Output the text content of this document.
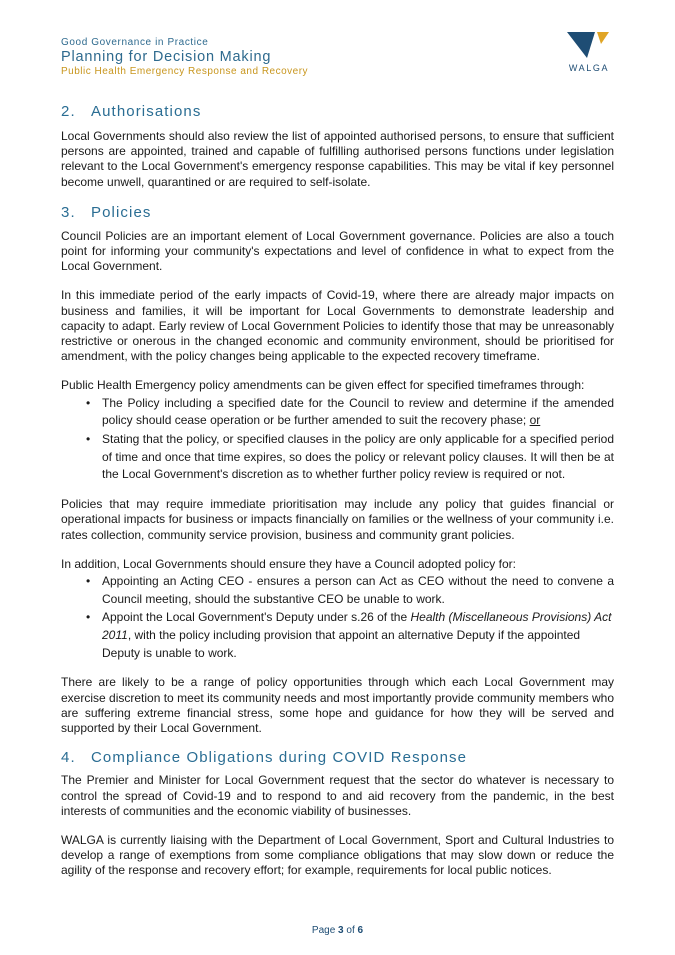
Good Governance in Practice
Planning for Decision Making
Public Health Emergency Response and Recovery	WALGA
2. Authorisations

Local Governments should also review the list of appointed authorised persons, to ensure that sufficient persons are appointed, trained and capable of fulfilling authorised persons functions under legislation relevant to the Local Government's emergency response capabilities. This may be vital if key personnel become unwell, quarantined or are required to self-isolate.

3. Policies

Council Policies are an important element of Local Government governance. Policies are also a touch point for informing your community's expectations and level of confidence in what to expect from the Local Government.

In this immediate period of the early impacts of Covid-19, where there are already major impacts on business and families, it will be important for Local Governments to demonstrate leadership and capacity to adapt. Early review of Local Government Policies to identify those that may be unreasonably restrictive or onerous in the changed economic and community environment, should be prioritised for amendment, with the policy changes being applicable to the expected recovery timeframe.

Public Health Emergency policy amendments can be given effect for specified timeframes through:

• The Policy including a specified date for the Council to review and determine if the amended policy should cease operation or be further amended to suit the recovery phase; or
• Stating that the policy, or specified clauses in the policy are only applicable for a specified period of time and once that time expires, so does the policy or relevant policy clauses. It will then be at the Local Government's discretion as to whether further policy review is required or not.

Policies that may require immediate prioritisation may include any policy that guides financial or operational impacts for business or impacts financially on families or the wellness of your community i.e. rates collection, community service provision, business and community grant policies.

In addition, Local Governments should ensure they have a Council adopted policy for:

• Appointing an Acting CEO - ensures a person can Act as CEO without the need to convene a Council meeting, should the substantive CEO be unable to work.
• Appoint the Local Government's Deputy under s.26 of the Health (Miscellaneous Provisions) Act 2011, with the policy including provision that appoint an alternative Deputy if the appointed Deputy is unable to work.

There are likely to be a range of policy opportunities through which each Local Government may exercise discretion to meet its community needs and most importantly provide community members who are suffering extreme financial stress, some hope and guidance for how they will be served and supported by their Local Government.

4. Compliance Obligations during COVID Response

The Premier and Minister for Local Government request that the sector do whatever is necessary to control the spread of Covid-19 and to respond to and aid recovery from the pandemic, in the best interests of communities and the economic viability of businesses.

WALGA is currently liaising with the Department of Local Government, Sport and Cultural Industries to develop a range of exemptions from some compliance obligations that may slow down or reduce the agility of the response and recovery effort; for example, requirements for local public notices.

Page 3 of 6
